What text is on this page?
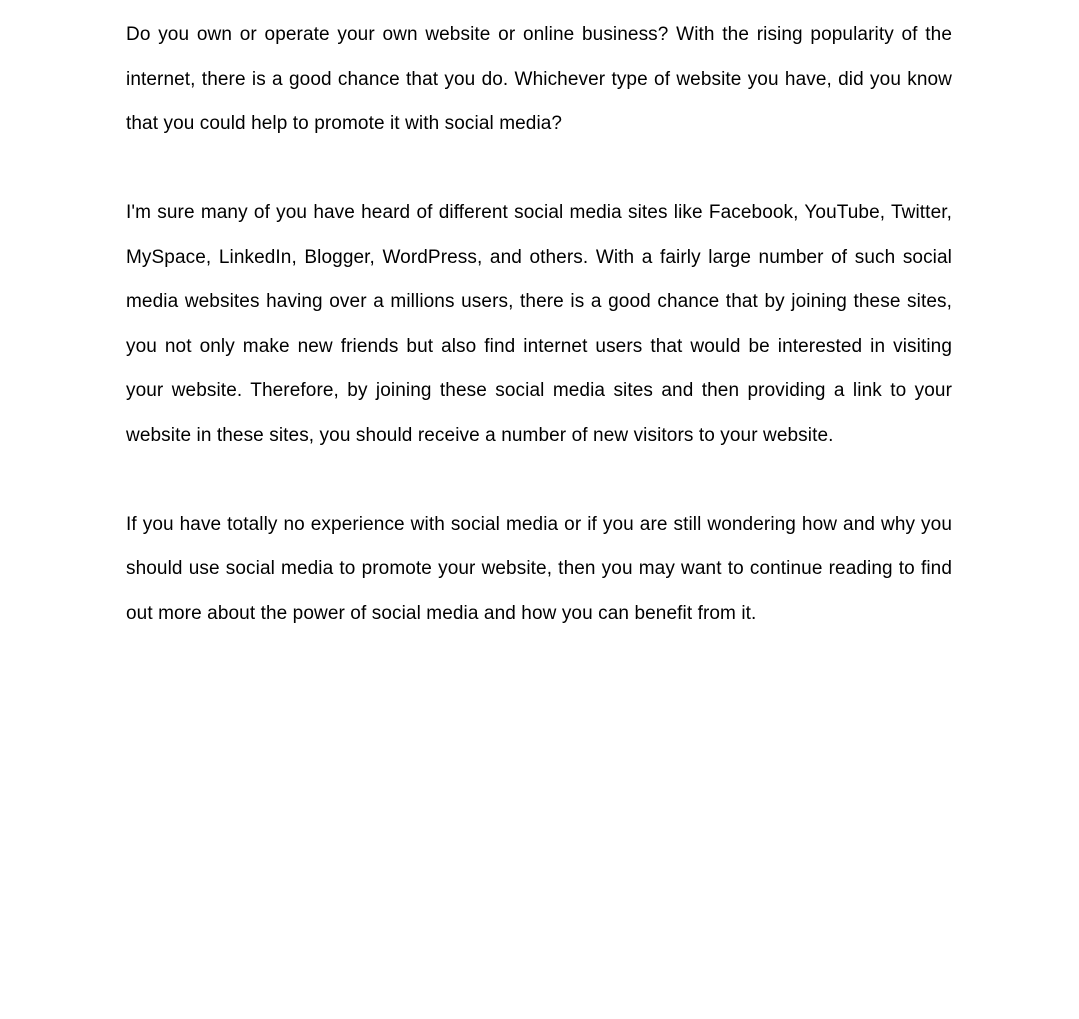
Do you own or operate your own website or online business? With the rising popularity of the internet, there is a good chance that you do. Whichever type of website you have, did you know that you could help to promote it with social media?

I'm sure many of you have heard of different social media sites like Facebook, YouTube, Twitter, MySpace, LinkedIn, Blogger, WordPress, and others. With a fairly large number of such social media websites having over a millions users, there is a good chance that by joining these sites, you not only make new friends but also find internet users that would be interested in visiting your website. Therefore, by joining these social media sites and then providing a link to your website in these sites, you should receive a number of new visitors to your website.

If you have totally no experience with social media or if you are still wondering how and why you should use social media to promote your website, then you may want to continue reading to find out more about the power of social media and how you can benefit from it.
